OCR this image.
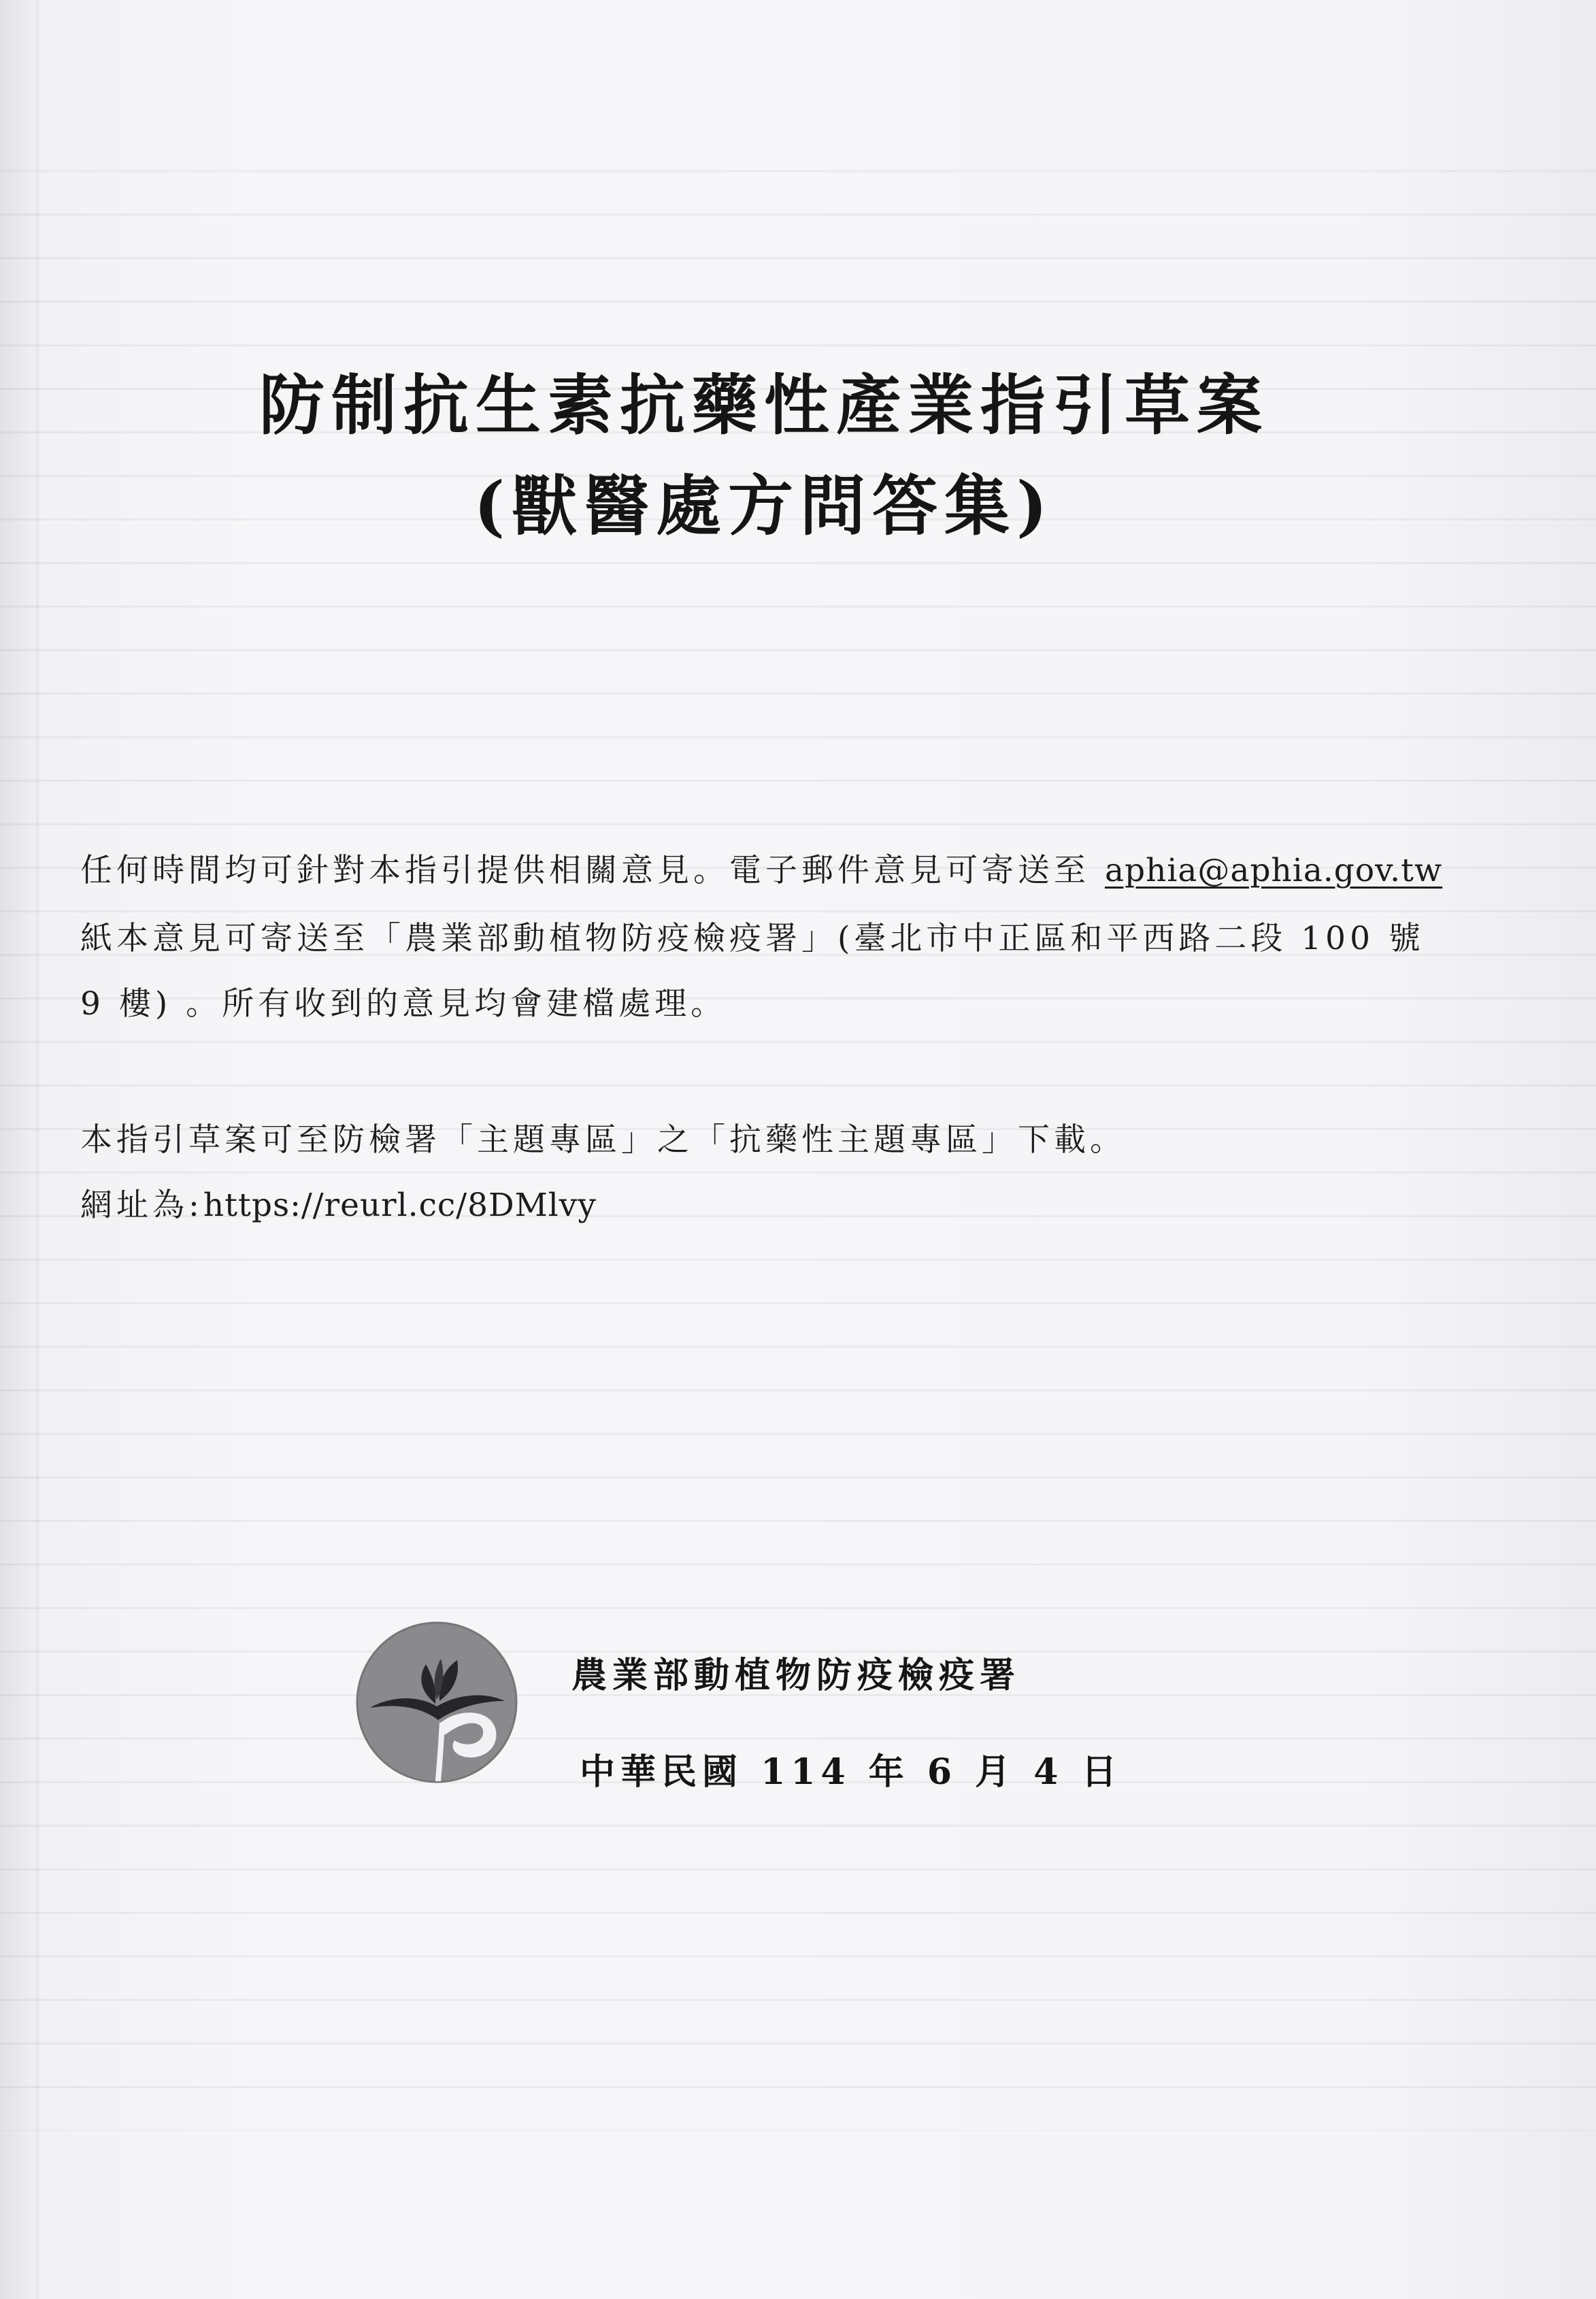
防制抗生素抗藥性產業指引草案
(獸醫處方問答集)
任何時間均可針對本指引提供相關意見。電子郵件意見可寄送至 aphia@aphia.gov.tw
紙本意見可寄送至「農業部動植物防疫檢疫署」(臺北市中正區和平西路二段 100 號
9 樓) 。所有收到的意見均會建檔處理。
本指引草案可至防檢署「主題專區」之「抗藥性主題專區」下載。
網址為:https://reurl.cc/8DMlvy
農業部動植物防疫檢疫署
中華民國 114 年 6 月 4 日
